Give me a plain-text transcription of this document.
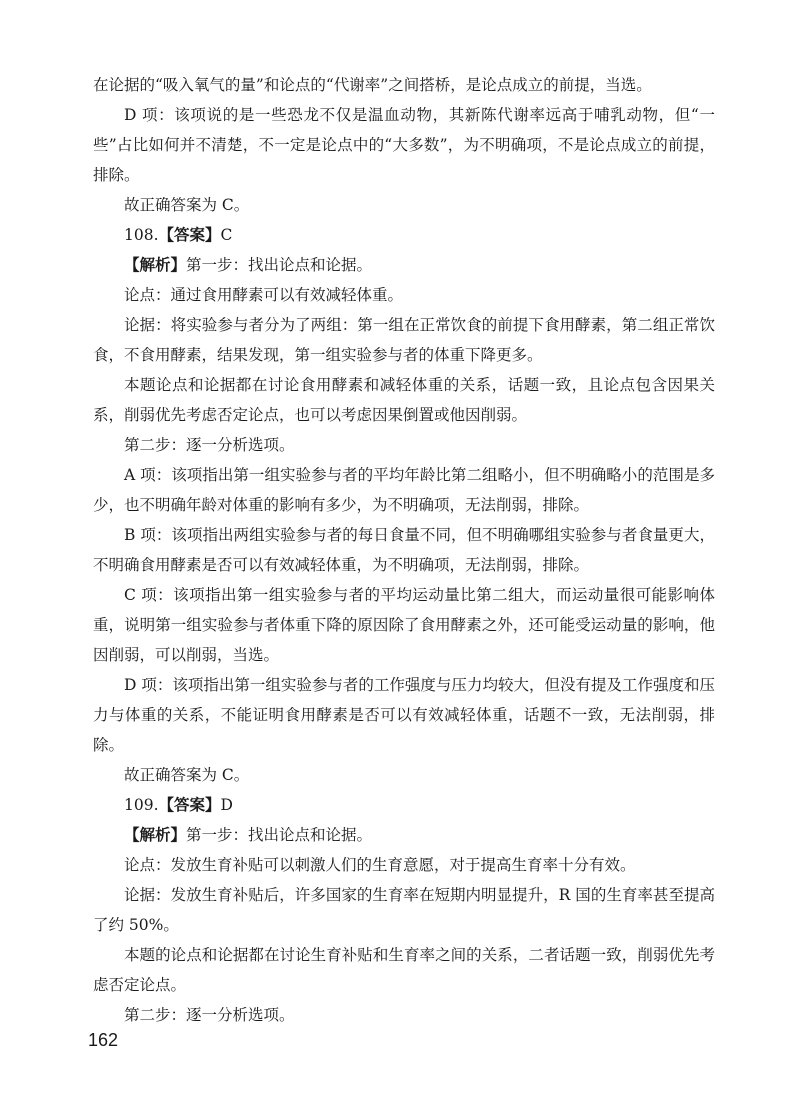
在论据的“吸入氧气的量”和论点的“代谢率”之间搭桥，是论点成立的前提，当选。

D 项：该项说的是一些恐龙不仅是温血动物，其新陈代谢率远高于哺乳动物，但“一些”占比如何并不清楚，不一定是论点中的“大多数”，为不明确项，不是论点成立的前提，排除。

故正确答案为 C。

108.【答案】C

【解析】第一步：找出论点和论据。

论点：通过食用酵素可以有效减轻体重。

论据：将实验参与者分为了两组：第一组在正常饮食的前提下食用酵素，第二组正常饮食，不食用酵素，结果发现，第一组实验参与者的体重下降更多。

本题论点和论据都在讨论食用酵素和减轻体重的关系，话题一致，且论点包含因果关系，削弱优先考虑否定论点，也可以考虑因果倒置或他因削弱。

第二步：逐一分析选项。

A 项：该项指出第一组实验参与者的平均年龄比第二组略小，但不明确略小的范围是多少，也不明确年龄对体重的影响有多少，为不明确项，无法削弱，排除。

B 项：该项指出两组实验参与者的每日食量不同，但不明确哪组实验参与者食量更大，不明确食用酵素是否可以有效减轻体重，为不明确项，无法削弱，排除。

C 项：该项指出第一组实验参与者的平均运动量比第二组大，而运动量很可能影响体重，说明第一组实验参与者体重下降的原因除了食用酵素之外，还可能受运动量的影响，他因削弱，可以削弱，当选。

D 项：该项指出第一组实验参与者的工作强度与压力均较大，但没有提及工作强度和压力与体重的关系，不能证明食用酵素是否可以有效减轻体重，话题不一致，无法削弱，排除。

故正确答案为 C。

109.【答案】D

【解析】第一步：找出论点和论据。

论点：发放生育补贴可以刺激人们的生育意愿，对于提高生育率十分有效。

论据：发放生育补贴后，许多国家的生育率在短期内明显提升，R 国的生育率甚至提高了约 50%。

本题的论点和论据都在讨论生育补贴和生育率之间的关系，二者话题一致，削弱优先考虑否定论点。

第二步：逐一分析选项。

162
